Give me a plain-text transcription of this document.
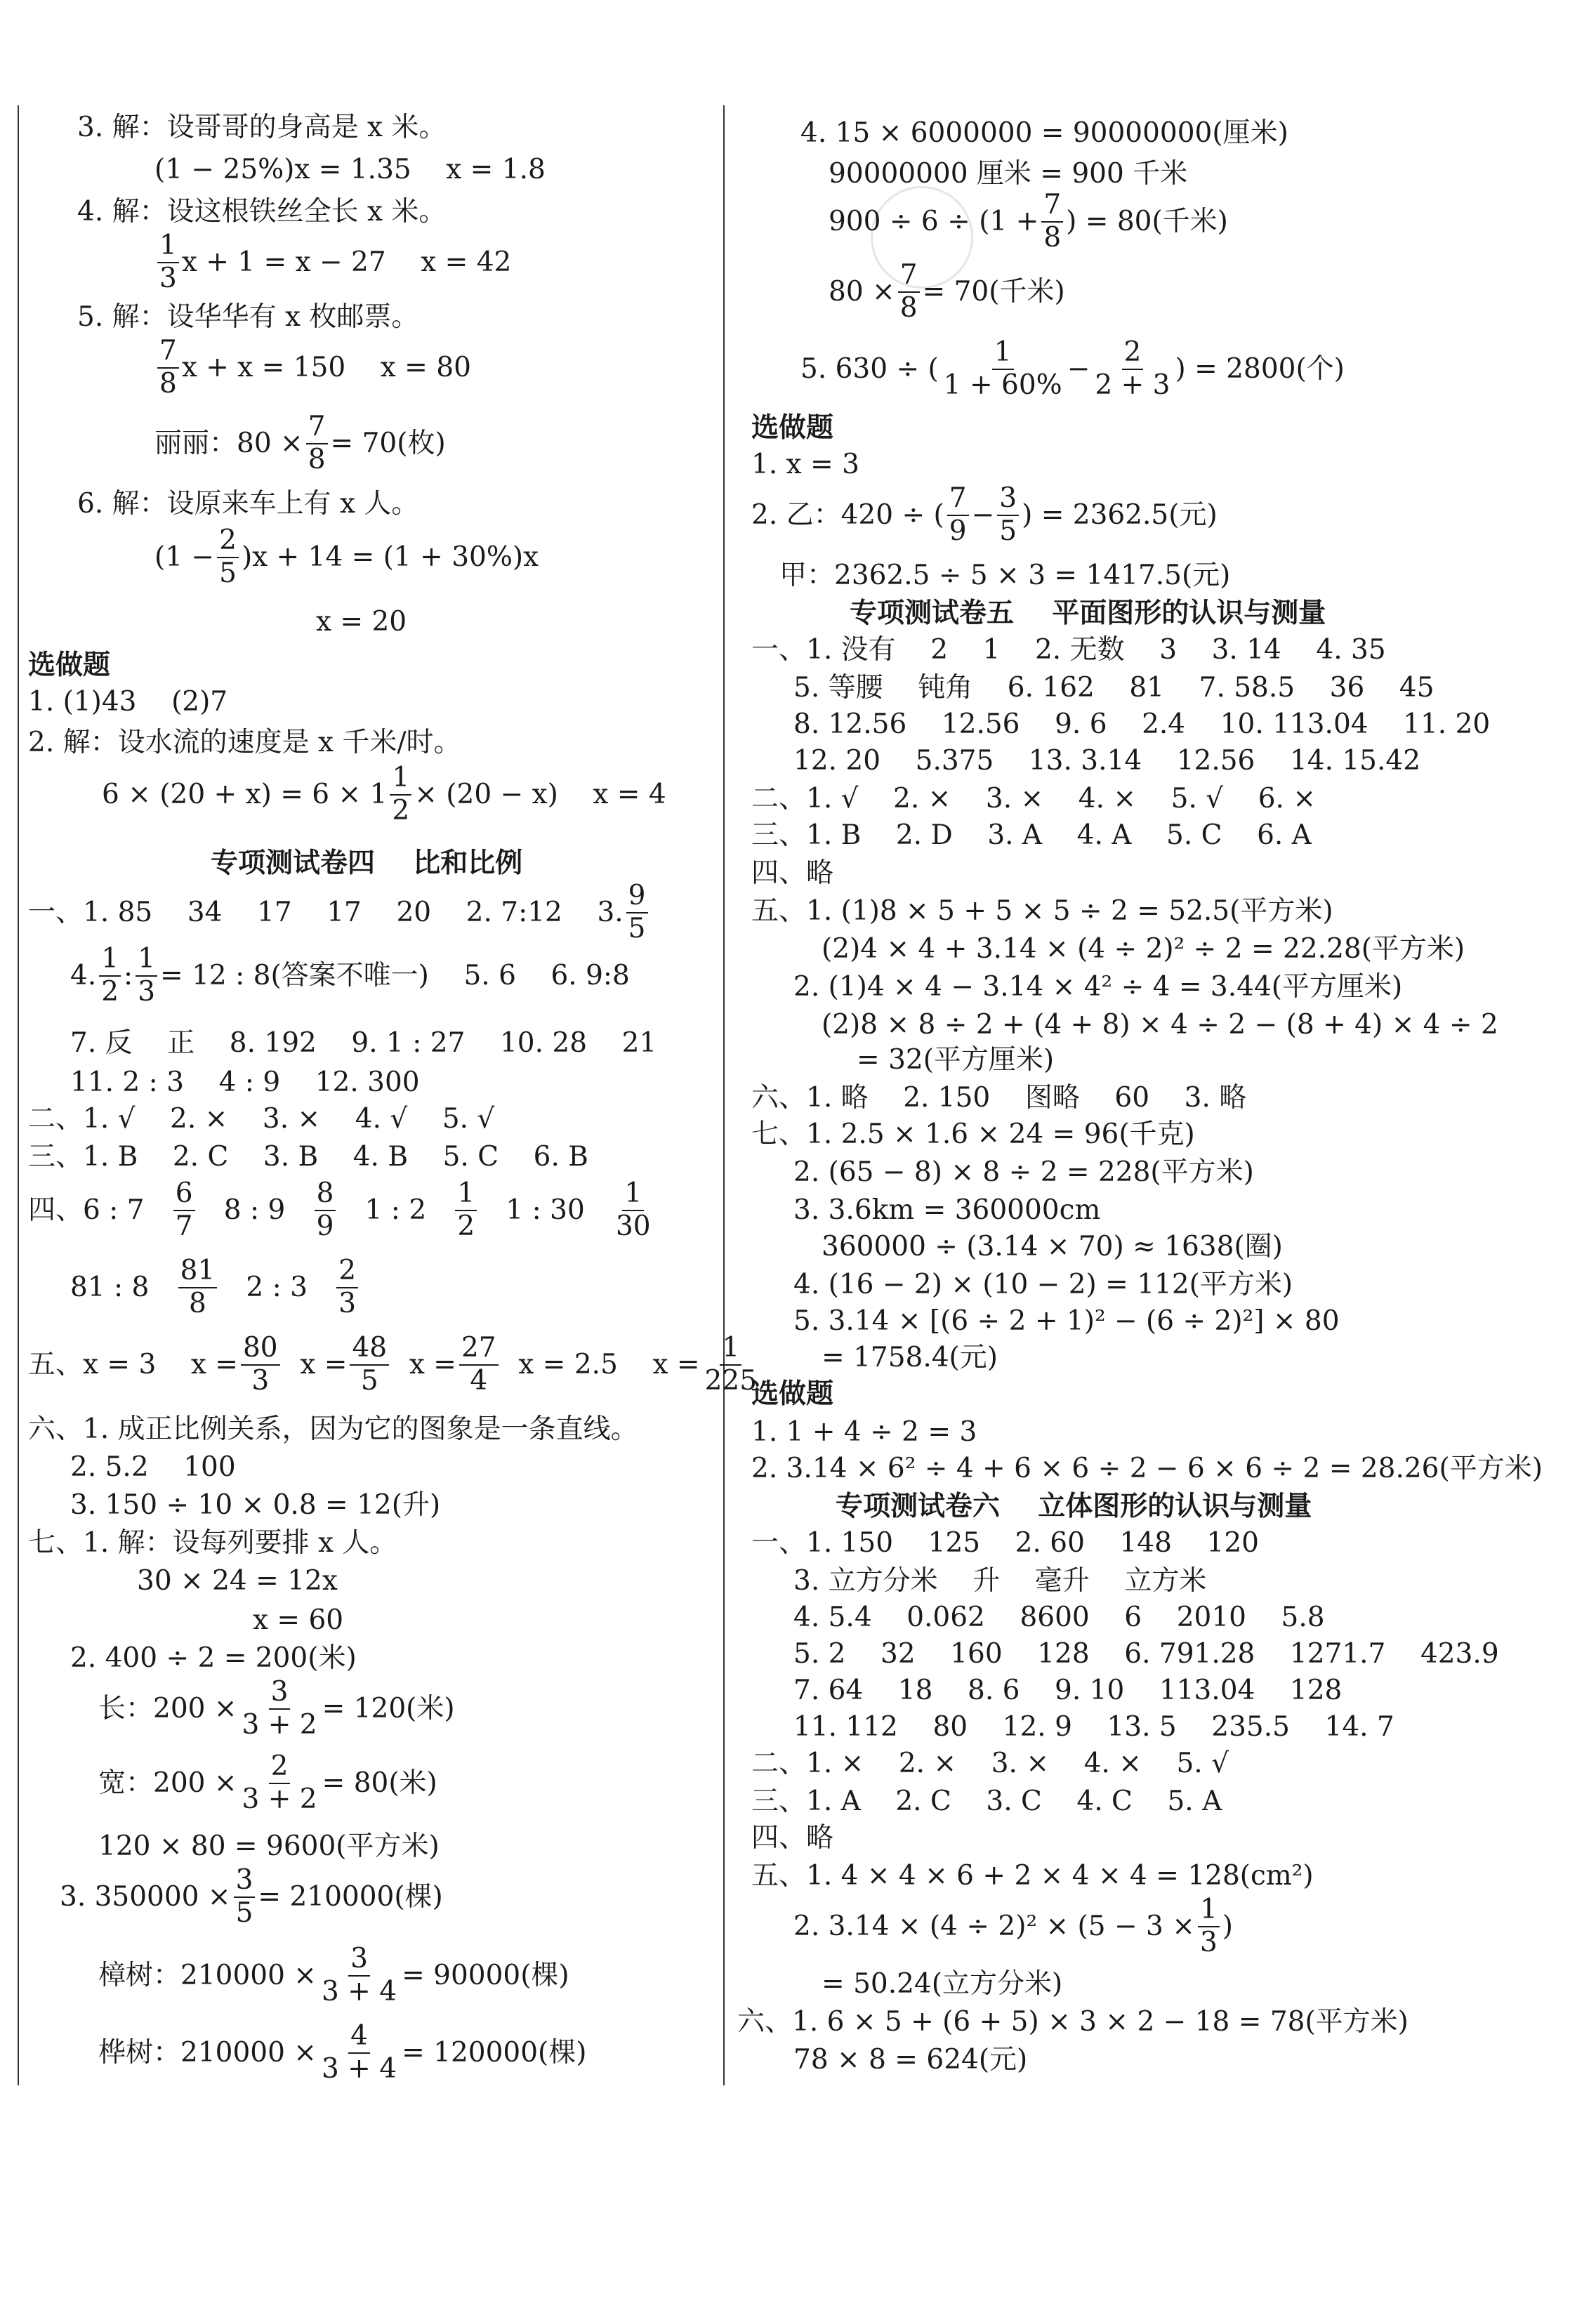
3. 解：设哥哥的身高是 x 米。
(1 − 25%)x = 1.35    x = 1.8
4. 解：设这根铁丝全长 x 米。
$\frac{1}{3}$ x + 1 = x − 27    x = 42
5. 解：设华华有 x 枚邮票。
$\frac{7}{8}$ x + x = 150    x = 80
丽丽：$80 \times \frac{7}{8} = 70$(枚)
6. 解：设原来车上有 x 人。
$(1 - \frac{2}{5} )x + 14 = (1 + 30\%)x$
x = 20
选做题
1. (1)43    (2)7
2. 解：设水流的速度是 x 千米/时。
$6 \times (20 + x) = 6 \times 1 \frac{1}{2} \times (20 - x)$    x = 4
专项测试卷四    比和比例
一、1. 85    34    17    17    20    2. 7:12    3. $\frac{9}{5}$
4. $\frac{1}{2}$ : $\frac{1}{3} = 12$ : 8(答案不唯一)    5. 6    6. 9:8
7. 反    正    8. 192    9. 1 : 27    10. 28    21
11. 2 : 3    4 : 9    12. 300
二、1. √    2. ×    3. ×    4. √    5. √
三、1. B    2. C    3. B    4. B    5. C    6. B
四、6 : 7
$\frac{6}{7}$
8 : 9
$\frac{8}{9}$
1 : 2
$\frac{1}{2}$
1 : 30
$\frac{1}{30}$
81 : 8
$\frac{81}{8}$
2 : 3
$\frac{2}{3}$
五、x = 3    $x = \frac{80}{3}$
$x = \frac{48}{5}$
$x = \frac{27}{4}$
x = 2.5    $x = \frac{1}{225}$
六、1. 成正比例关系，因为它的图象是一条直线。
2. 5.2    100
3. 150 ÷ 10 × 0.8 = 12(升)
七、1. 解：设每列要排 x 人。
30 × 24 = 12x
x = 60
2. 400 ÷ 2 = 200(米)
长：$200 \times \frac{3}{3 + 2} = 120$(米)
宽：$200 \times \frac{2}{3 + 2} = 80$(米)
120 × 80 = 9600(平方米)
3. $350000 \times \frac{3}{5} = 210000$(棵)
樟树：$210000 \times \frac{3}{3 + 4} = 90000$(棵)
桦树：$210000 \times \frac{4}{3 + 4} = 120000$(棵)
4. 15 × 6000000 = 90000000(厘米)
90000000 厘米 = 900 千米
$900 \div 6 \div (1 + \frac{7}{8}$ ) = 80(千米)
$80 \times \frac{7}{8} = 70$(千米)
5. 630 ÷ ( $\frac{1}{1 + 60\%} - \frac{2}{2 + 3}$ ) = 2800(个)
选做题
1. x = 3
2. 乙：420 ÷ ( $\frac{7}{9} - \frac{3}{5}$ ) = 2362.5(元)
甲：2362.5 ÷ 5 × 3 = 1417.5(元)
专项测试卷五    平面图形的认识与测量
一、1. 没有    2    1    2. 无数    3    3. 14    4. 35
5. 等腰    钝角    6. 162    81    7. 58.5    36    45
8. 12.56    12.56    9. 6    2.4    10. 113.04    11. 20
12. 20    5.375    13. 3.14    12.56    14. 15.42
二、1. √    2. ×    3. ×    4. ×    5. √    6. ×
三、1. B    2. D    3. A    4. A    5. C    6. A
四、略
五、1. (1)8 × 5 + 5 × 5 ÷ 2 = 52.5(平方米)
(2)4 × 4 + 3.14 × (4 ÷ 2)² ÷ 2 = 22.28(平方米)
2. (1)4 × 4 − 3.14 × 4² ÷ 4 = 3.44(平方厘米)
(2)8 × 8 ÷ 2 + (4 + 8) × 4 ÷ 2 − (8 + 4) × 4 ÷ 2
= 32(平方厘米)
六、1. 略    2. 150    图略    60    3. 略
七、1. 2.5 × 1.6 × 24 = 96(千克)
2. (65 − 8) × 8 ÷ 2 = 228(平方米)
3. 3.6km = 360000cm
360000 ÷ (3.14 × 70) ≈ 1638(圈)
4. (16 − 2) × (10 − 2) = 112(平方米)
5. 3.14 × [(6 ÷ 2 + 1)² − (6 ÷ 2)²] × 80
= 1758.4(元)
选做题
1. 1 + 4 ÷ 2 = 3
2. 3.14 × 6² ÷ 4 + 6 × 6 ÷ 2 − 6 × 6 ÷ 2 = 28.26(平方米)
专项测试卷六    立体图形的认识与测量
一、1. 150    125    2. 60    148    120
3. 立方分米    升    毫升    立方米
4. 5.4    0.062    8600    6    2010    5.8
5. 2    32    160    128    6. 791.28    1271.7    423.9
7. 64    18    8. 6    9. 10    113.04    128
11. 112    80    12. 9    13. 5    235.5    14. 7
二、1. ×    2. ×    3. ×    4. ×    5. √
三、1. A    2. C    3. C    4. C    5. A
四、略
五、1. 4 × 4 × 6 + 2 × 4 × 4 = 128(cm²)
2. $3.14 \times (4 \div 2)^2 \times (5 - 3 \times \frac{1}{3}$ )
= 50.24(立方分米)
六、1. 6 × 5 + (6 + 5) × 3 × 2 − 18 = 78(平方米)
78 × 8 = 624(元)
